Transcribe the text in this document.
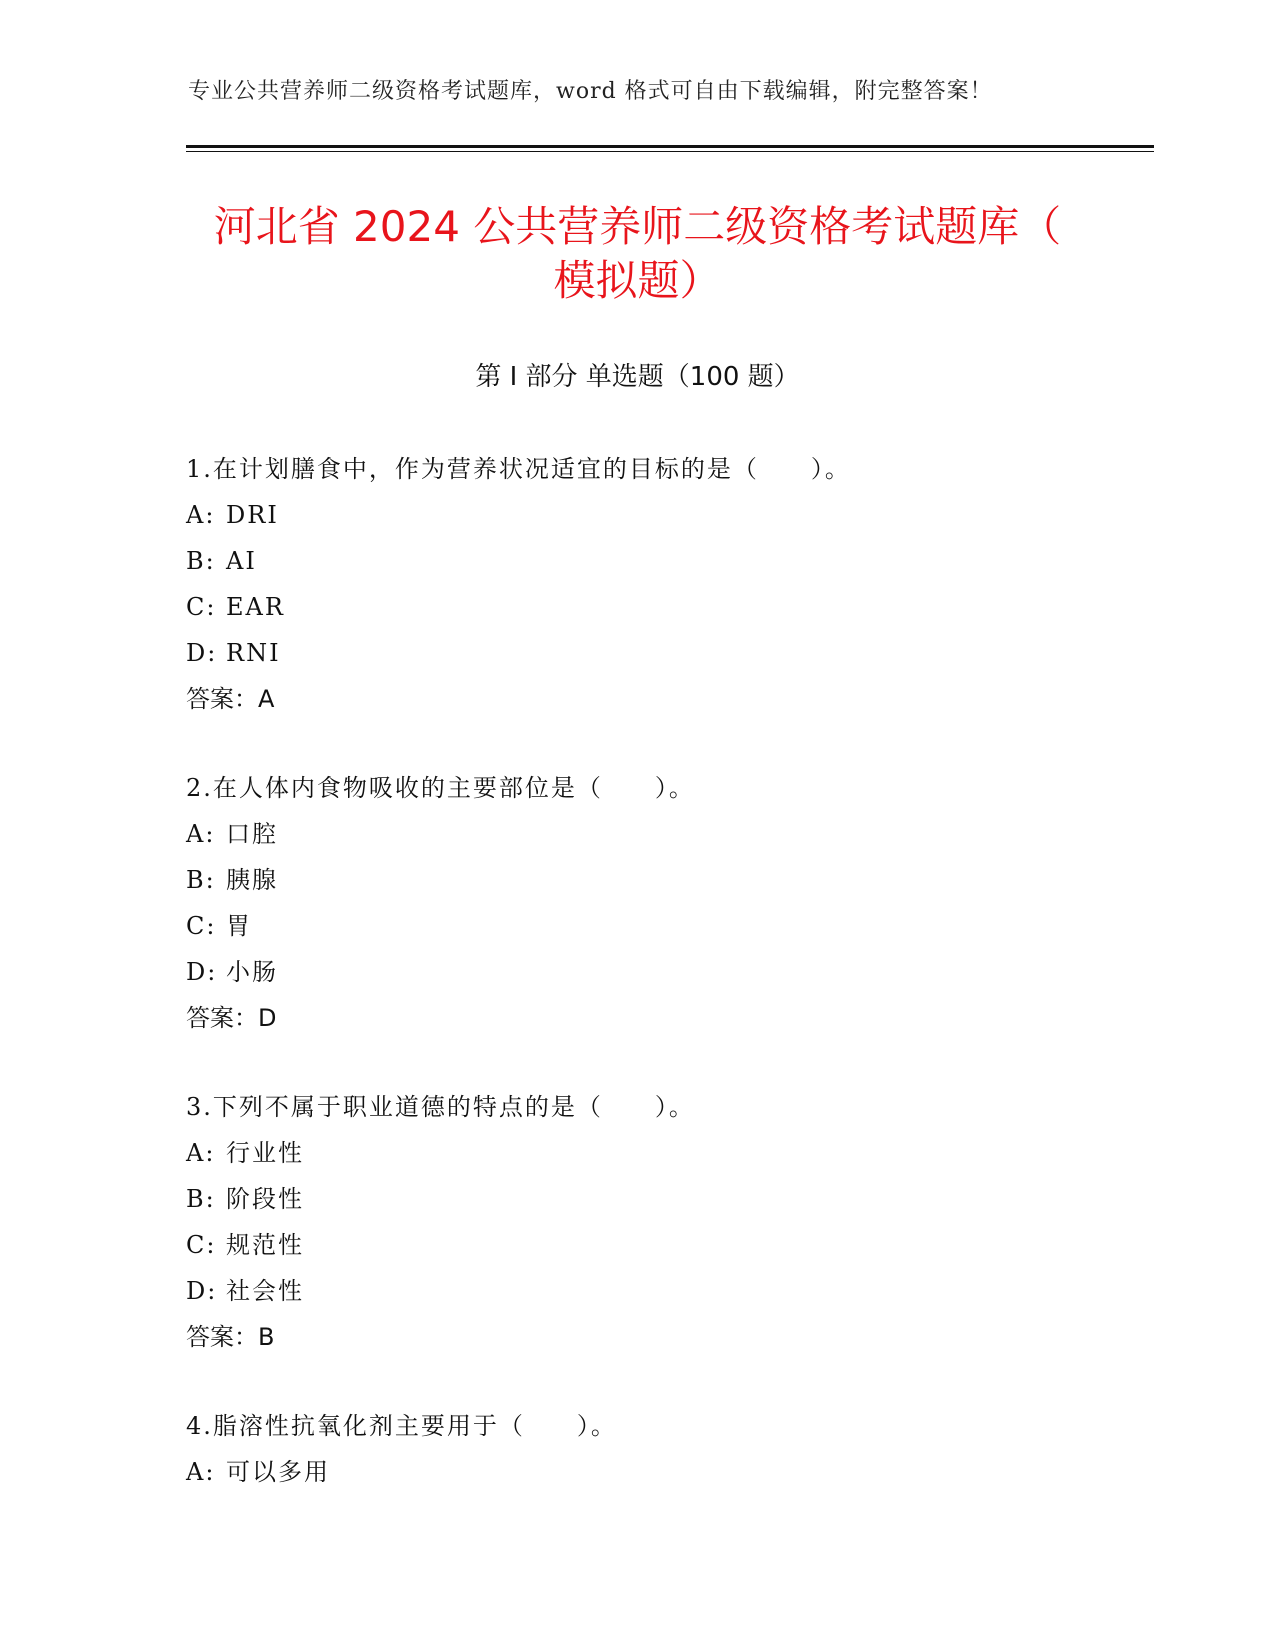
专业公共营养师二级资格考试题库，word 格式可自由下载编辑，附完整答案！
河北省 2024 公共营养师二级资格考试题库（
模拟题）
第 I 部分 单选题（100 题）
1.在计划膳食中，作为营养状况适宜的目标的是（　　）。
A: DRI
B: AI
C: EAR
D: RNI
答案：A
2.在人体内食物吸收的主要部位是（　　）。
A: 口腔
B: 胰腺
C: 胃
D: 小肠
答案：D
3.下列不属于职业道德的特点的是（　　）。
A: 行业性
B: 阶段性
C: 规范性
D: 社会性
答案：B
4.脂溶性抗氧化剂主要用于（　　）。
A: 可以多用
